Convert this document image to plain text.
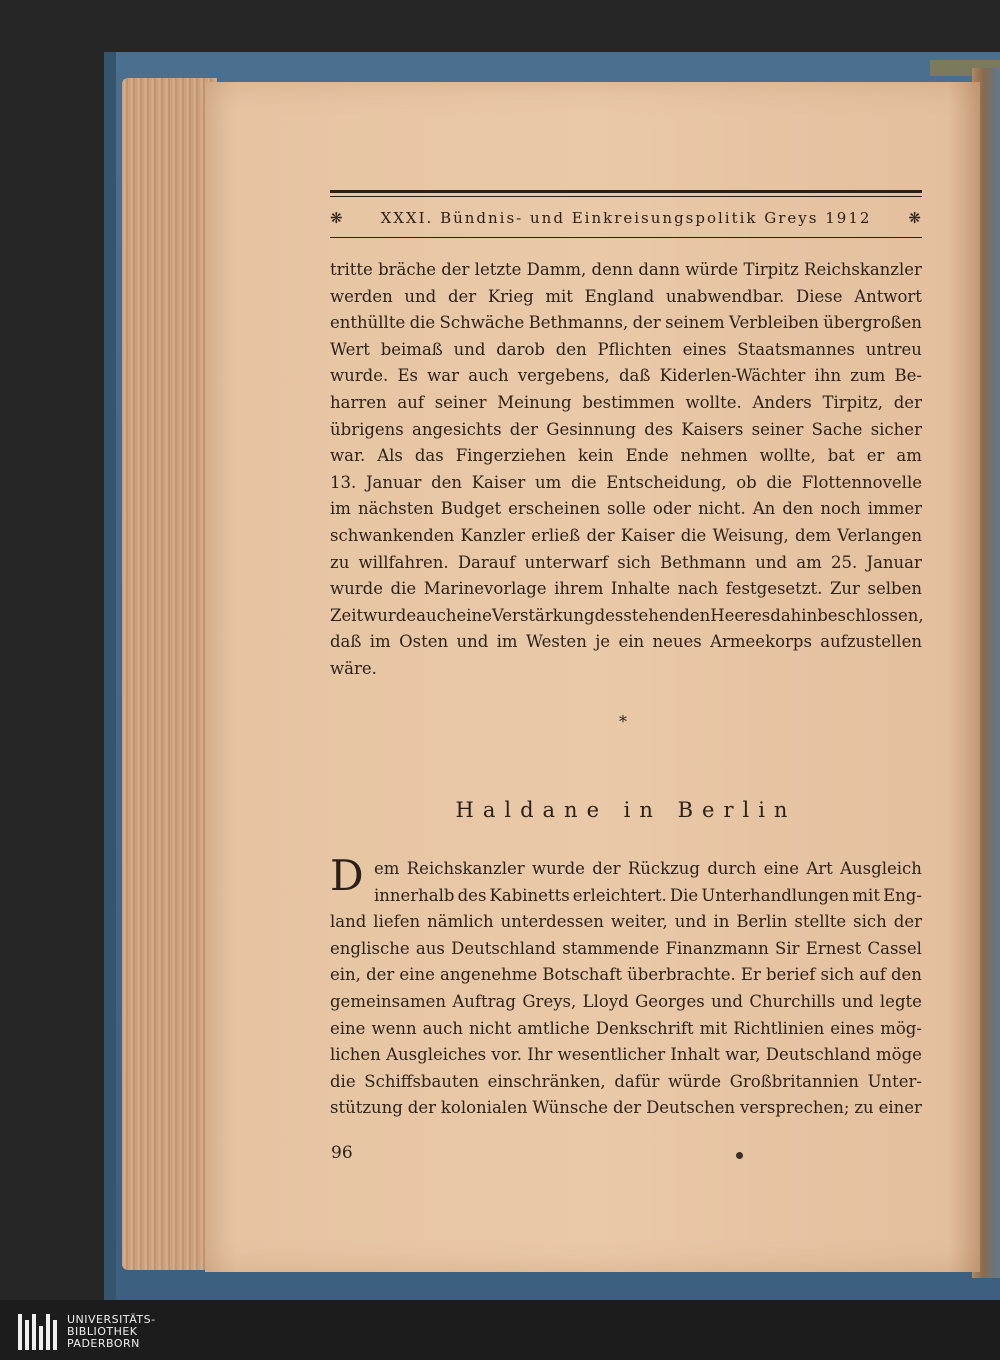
❋ XXXI. Bündnis- und Einkreisungspolitik Greys 1912 ❋
tritte bräche der letzte Damm, denn dann würde Tirpitz Reichskanzler
werden und der Krieg mit England unabwendbar. Diese Antwort
enthüllte die Schwäche Bethmanns, der seinem Verbleiben übergroßen
Wert beimaß und darob den Pflichten eines Staatsmannes untreu
wurde. Es war auch vergebens, daß Kiderlen-Wächter ihn zum Be-
harren auf seiner Meinung bestimmen wollte. Anders Tirpitz, der
übrigens angesichts der Gesinnung des Kaisers seiner Sache sicher
war. Als das Fingerziehen kein Ende nehmen wollte, bat er am
13. Januar den Kaiser um die Entscheidung, ob die Flottennovelle
im nächsten Budget erscheinen solle oder nicht. An den noch immer
schwankenden Kanzler erließ der Kaiser die Weisung, dem Verlangen
zu willfahren. Darauf unterwarf sich Bethmann und am 25. Januar
wurde die Marinevorlage ihrem Inhalte nach festgesetzt. Zur selben
Zeit wurde auch eine Verstärkung des stehenden Heeres dahin beschlossen,
daß im Osten und im Westen je ein neues Armeekorps aufzustellen
wäre.
*
Haldane in Berlin
D em Reichskanzler wurde der Rückzug durch eine Art Ausgleich
innerhalb des Kabinetts erleichtert. Die Unterhandlungen mit Eng-
land liefen nämlich unterdessen weiter, und in Berlin stellte sich der
englische aus Deutschland stammende Finanzmann Sir Ernest Cassel
ein, der eine angenehme Botschaft überbrachte. Er berief sich auf den
gemeinsamen Auftrag Greys, Lloyd Georges und Churchills und legte
eine wenn auch nicht amtliche Denkschrift mit Richtlinien eines mög-
lichen Ausgleiches vor. Ihr wesentlicher Inhalt war, Deutschland möge
die Schiffsbauten einschränken, dafür würde Großbritannien Unter-
stützung der kolonialen Wünsche der Deutschen versprechen; zu einer
96
UNIVERSITÄTS-
BIBLIOTHEK
PADERBORN
